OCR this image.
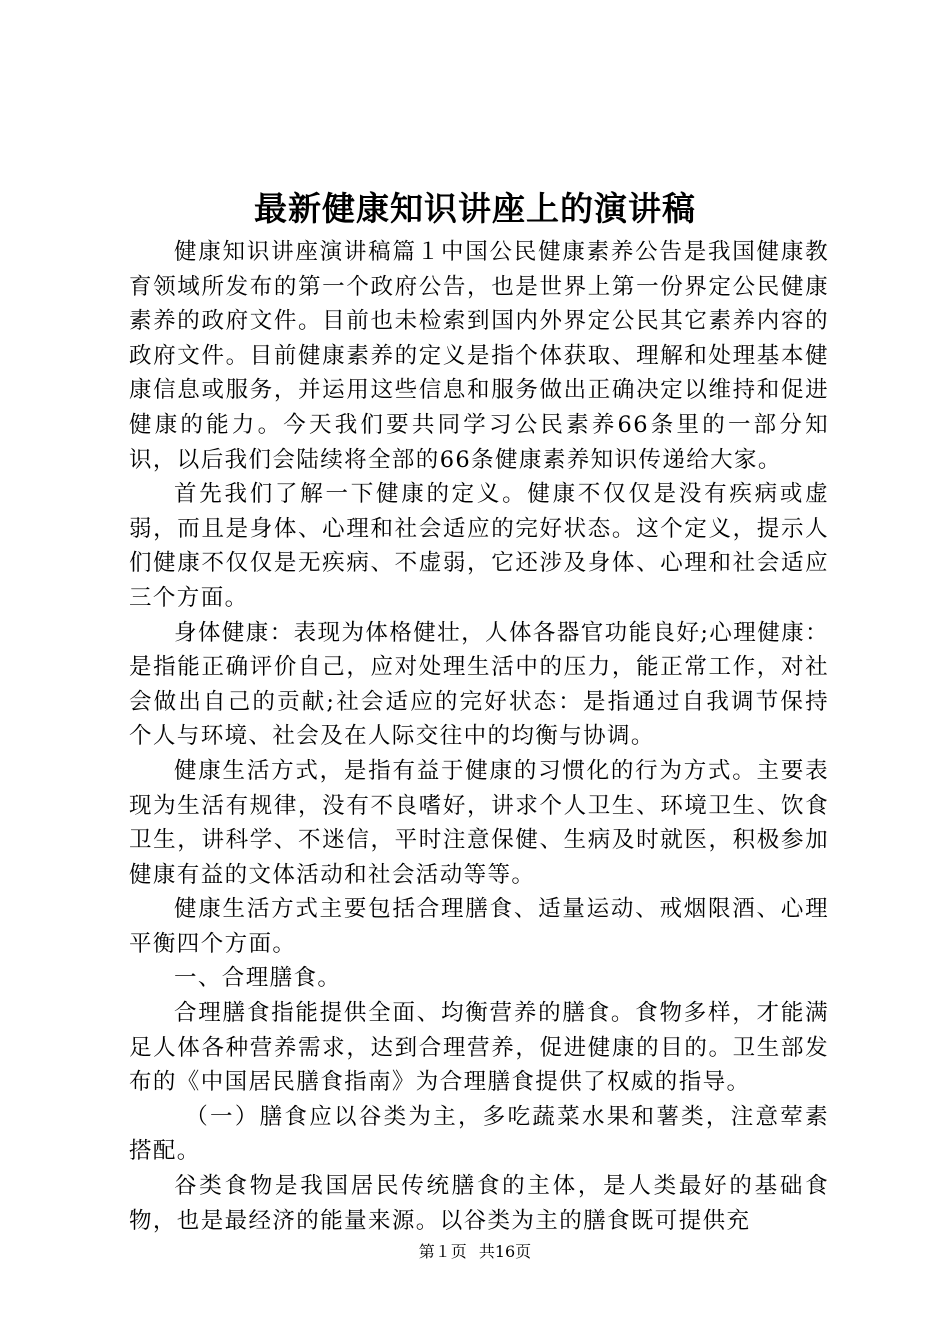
最新健康知识讲座上的演讲稿

健康知识讲座演讲稿篇１中国公民健康素养公告是我国健康教育领域所发布的第一个政府公告，也是世界上第一份界定公民健康素养的政府文件。目前也未检索到国内外界定公民其它素养内容的政府文件。目前健康素养的定义是指个体获取、理解和处理基本健康信息或服务，并运用这些信息和服务做出正确决定以维持和促进健康的能力。今天我们要共同学习公民素养66条里的一部分知识，以后我们会陆续将全部的66条健康素养知识传递给大家。

首先我们了解一下健康的定义。健康不仅仅是没有疾病或虚弱，而且是身体、心理和社会适应的完好状态。这个定义，提示人们健康不仅仅是无疾病、不虚弱，它还涉及身体、心理和社会适应三个方面。

身体健康：表现为体格健壮，人体各器官功能良好;心理健康：是指能正确评价自己，应对处理生活中的压力，能正常工作，对社会做出自己的贡献;社会适应的完好状态：是指通过自我调节保持个人与环境、社会及在人际交往中的均衡与协调。

健康生活方式，是指有益于健康的习惯化的行为方式。主要表现为生活有规律，没有不良嗜好，讲求个人卫生、环境卫生、饮食卫生，讲科学、不迷信，平时注意保健、生病及时就医，积极参加健康有益的文体活动和社会活动等等。

健康生活方式主要包括合理膳食、适量运动、戒烟限酒、心理平衡四个方面。

一、合理膳食。

合理膳食指能提供全面、均衡营养的膳食。食物多样，才能满足人体各种营养需求，达到合理营养，促进健康的目的。卫生部发布的《中国居民膳食指南》为合理膳食提供了权威的指导。

（一）膳食应以谷类为主，多吃蔬菜水果和薯类，注意荤素搭配。

谷类食物是我国居民传统膳食的主体，是人类最好的基础食物，也是最经济的能量来源。以谷类为主的膳食既可提供充

第１页 共16页
